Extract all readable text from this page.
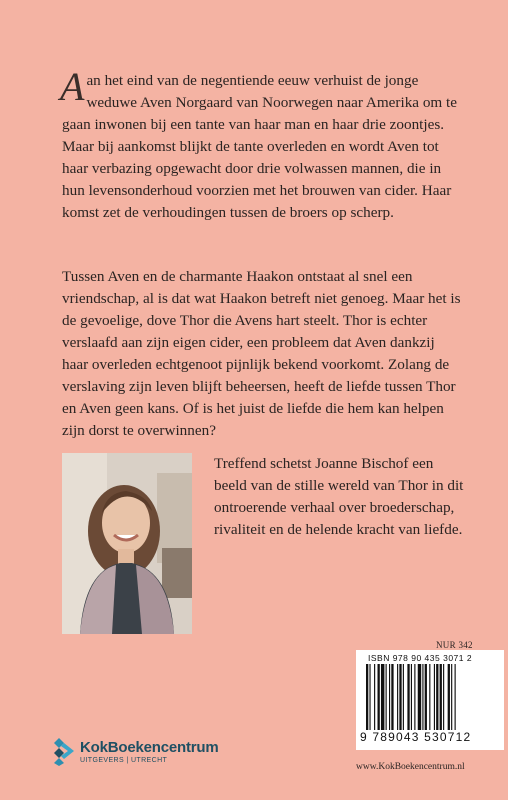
Aan het eind van de negentiende eeuw verhuist de jonge weduwe Aven Norgaard van Noorwegen naar Amerika om te gaan inwonen bij een tante van haar man en haar drie zoontjes. Maar bij aankomst blijkt de tante overleden en wordt Aven tot haar verbazing opgewacht door drie volwassen mannen, die in hun levensonderhoud voorzien met het brouwen van cider. Haar komst zet de verhoudingen tussen de broers op scherp.

Tussen Aven en de charmante Haakon ontstaat al snel een vriendschap, al is dat wat Haakon betreft niet genoeg. Maar het is de gevoelige, dove Thor die Avens hart steelt. Thor is echter verslaafd aan zijn eigen cider, een probleem dat Aven dankzij haar overleden echtgenoot pijnlijk bekend voorkomt. Zolang de verslaving zijn leven blijft beheersen, heeft de liefde tussen Thor en Aven geen kans. Of is het juist de liefde die hem kan helpen zijn dorst te overwinnen?

Treffend schetst Joanne Bischof een beeld van de stille wereld van Thor in dit ontroerende verhaal over broederschap, rivaliteit en de helende kracht van liefde.

NUR 342
ISBN 978 90 435 3071 2
9 789043 530712
www.KokBoekencentrum.nl
KokBoekencentrum
UITGEVERS | UTRECHT
